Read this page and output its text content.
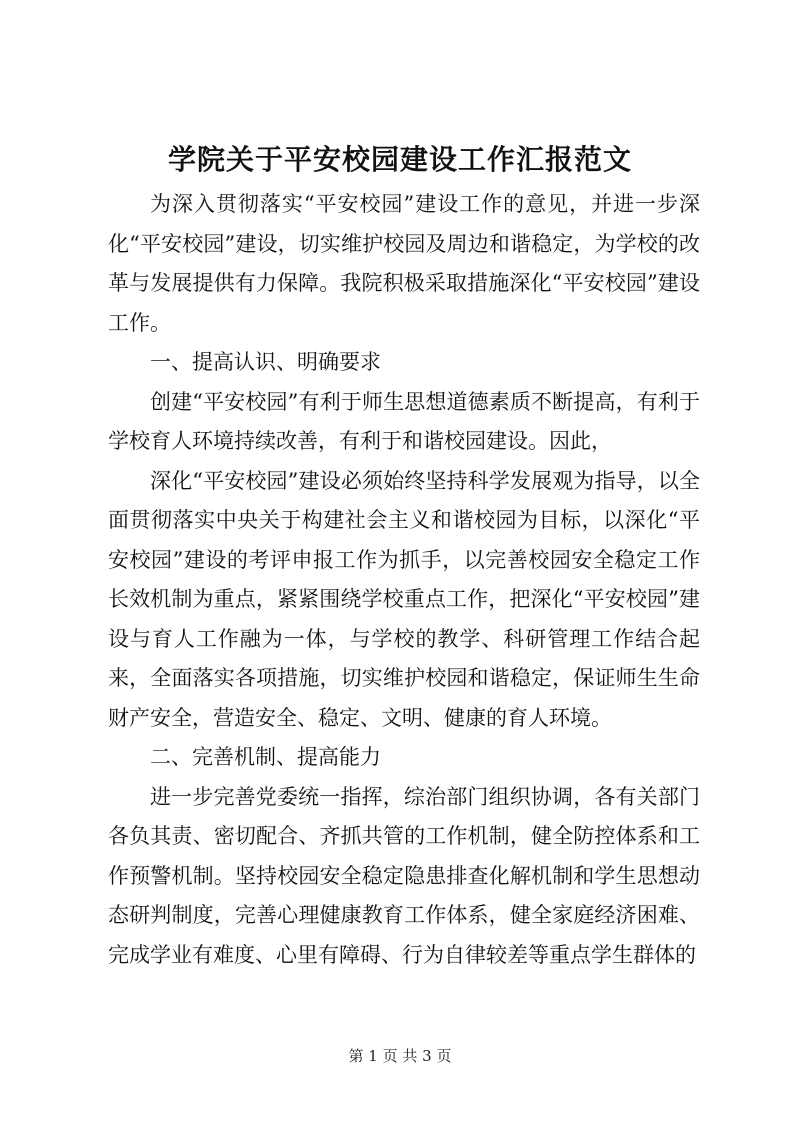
学院关于平安校园建设工作汇报范文

为深入贯彻落实“平安校园”建设工作的意见，并进一步深化“平安校园”建设，切实维护校园及周边和谐稳定，为学校的改革与发展提供有力保障。我院积极采取措施深化“平安校园”建设工作。

一、提高认识、明确要求

创建“平安校园”有利于师生思想道德素质不断提高，有利于学校育人环境持续改善，有利于和谐校园建设。因此，

深化“平安校园”建设必须始终坚持科学发展观为指导，以全面贯彻落实中央关于构建社会主义和谐校园为目标，以深化“平安校园”建设的考评申报工作为抓手，以完善校园安全稳定工作长效机制为重点，紧紧围绕学校重点工作，把深化“平安校园”建设与育人工作融为一体，与学校的教学、科研管理工作结合起来，全面落实各项措施，切实维护校园和谐稳定，保证师生生命财产安全，营造安全、稳定、文明、健康的育人环境。

二、完善机制、提高能力

进一步完善党委统一指挥，综治部门组织协调，各有关部门各负其责、密切配合、齐抓共管的工作机制，健全防控体系和工作预警机制。坚持校园安全稳定隐患排查化解机制和学生思想动态研判制度，完善心理健康教育工作体系，健全家庭经济困难、完成学业有难度、心里有障碍、行为自律较差等重点学生群体的

第 1 页 共 3 页
